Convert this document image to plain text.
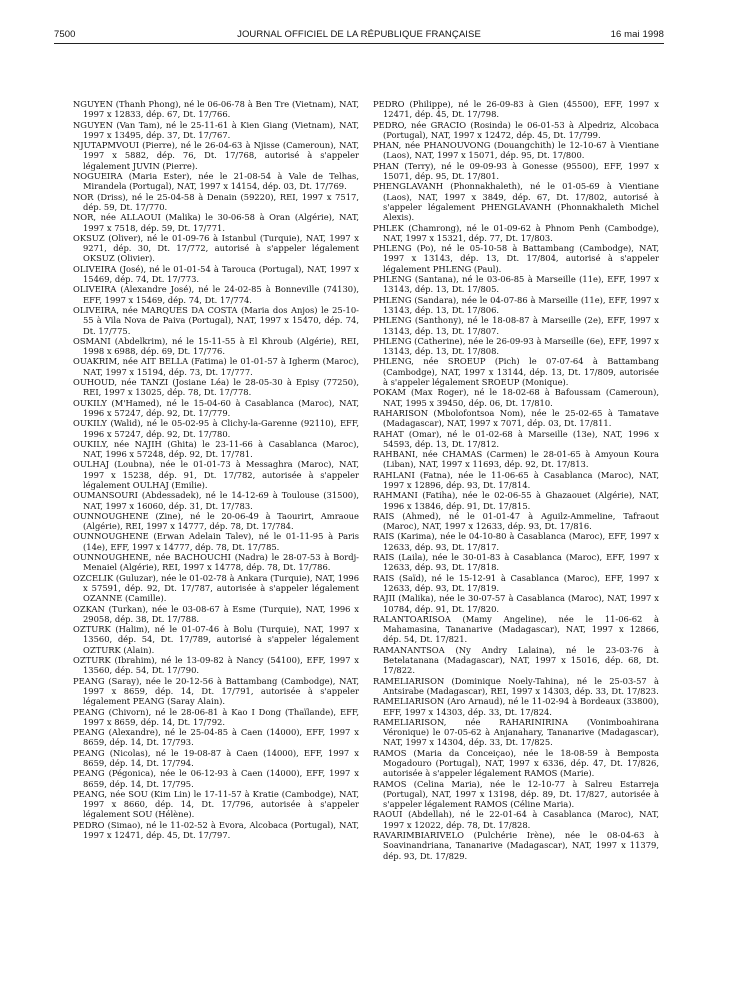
7500	JOURNAL OFFICIEL DE LA RÉPUBLIQUE FRANÇAISE	16 mai 1998

NGUYEN (Thanh Phong), né le 06-06-78 à Ben Tre (Vietnam), NAT, 1997 x 12833, dép. 67, Dt. 17/766.

NGUYEN (Van Tam), né le 25-11-61 à Kien Giang (Vietnam), NAT, 1997 x 13495, dép. 37, Dt. 17/767.

NJUTAPMVOUI (Pierre), né le 26-04-63 à Njisse (Cameroun), NAT, 1997 x 5882, dép. 76, Dt. 17/768, autorisé à s'appeler légalement JUVIN (Pierre).

NOGUEIRA (Maria Ester), née le 21-08-54 à Vale de Telhas, Mirandela (Portugal), NAT, 1997 x 14154, dép. 03, Dt. 17/769.

NOR (Driss), né le 25-04-58 à Denain (59220), REI, 1997 x 7517, dép. 59, Dt. 17/770.

NOR, née ALLAOUI (Malika) le 30-06-58 à Oran (Algérie), NAT, 1997 x 7518, dép. 59, Dt. 17/771.

OKSUZ (Oliver), né le 01-09-76 à Istanbul (Turquie), NAT, 1997 x 9271, dép. 30, Dt. 17/772, autorisé à s'appeler légalement OKSUZ (Olivier).

OLIVEIRA (José), né le 01-01-54 à Tarouca (Portugal), NAT, 1997 x 15469, dép. 74, Dt. 17/773.

OLIVEIRA (Alexandre José), né le 24-02-85 à Bonneville (74130), EFF, 1997 x 15469, dép. 74, Dt. 17/774.

OLIVEIRA, née MARQUES DA COSTA (Maria dos Anjos) le 25-10-55 à Vila Nova de Paiva (Portugal), NAT, 1997 x 15470, dép. 74, Dt. 17/775.

OSMANI (Abdelkrim), né le 15-11-55 à El Khroub (Algérie), REI, 1998 x 6988, dép. 69, Dt. 17/776.

OUAKRIM, née AIT BELLA (Fatima) le 01-01-57 à Igherm (Maroc), NAT, 1997 x 15194, dép. 73, Dt. 17/777.

OUHOUD, née TANZI (Josiane Léa) le 28-05-30 à Episy (77250), REI, 1997 x 13025, dép. 78, Dt. 17/778.

OUKILY (M'Hamed), né le 15-04-60 à Casablanca (Maroc), NAT, 1996 x 57247, dép. 92, Dt. 17/779.

OUKILY (Walid), né le 05-02-95 à Clichy-la-Garenne (92110), EFF, 1996 x 57247, dép. 92, Dt. 17/780.

OUKILY, née NAJIH (Ghita) le 23-11-66 à Casablanca (Maroc), NAT, 1996 x 57248, dép. 92, Dt. 17/781.

OULHAJ (Loubna), née le 01-01-73 à Messaghra (Maroc), NAT, 1997 x 15238, dép. 91, Dt. 17/782, autorisée à s'appeler légalement OULHAJ (Emilie).

OUMANSOURI (Abdessadek), né le 14-12-69 à Toulouse (31500), NAT, 1997 x 16060, dép. 31, Dt. 17/783.

OUNNOUGHENE (Zine), né le 20-06-49 à Taourirt, Amraoue (Algérie), REI, 1997 x 14777, dép. 78, Dt. 17/784.

OUNNOUGHENE (Erwan Adelain Talev), né le 01-11-95 à Paris (14e), EFF, 1997 x 14777, dép. 78, Dt. 17/785.

OUNNOUGHENE, née BACHOUCHI (Nadra) le 28-07-53 à Bordj-Menaiel (Algérie), REI, 1997 x 14778, dép. 78, Dt. 17/786.

OZCELIK (Guluzar), née le 01-02-78 à Ankara (Turquie), NAT, 1996 x 57591, dép. 92, Dt. 17/787, autorisée à s'appeler légalement OZANNE (Camille).

OZKAN (Turkan), née le 03-08-67 à Esme (Turquie), NAT, 1996 x 29058, dép. 38, Dt. 17/788.

OZTURK (Halim), né le 01-07-46 à Bolu (Turquie), NAT, 1997 x 13560, dép. 54, Dt. 17/789, autorisé à s'appeler légalement OZTURK (Alain).

OZTURK (Ibrahim), né le 13-09-82 à Nancy (54100), EFF, 1997 x 13560, dép. 54, Dt. 17/790.

PEANG (Saray), née le 20-12-56 à Battambang (Cambodge), NAT, 1997 x 8659, dép. 14, Dt. 17/791, autorisée à s'appeler légalement PEANG (Saray Alain).

PEANG (Chivorn), né le 28-06-81 à Kao I Dong (Thaïlande), EFF, 1997 x 8659, dép. 14, Dt. 17/792.

PEANG (Alexandre), né le 25-04-85 à Caen (14000), EFF, 1997 x 8659, dép. 14, Dt. 17/793.

PEANG (Nicolas), né le 19-08-87 à Caen (14000), EFF, 1997 x 8659, dép. 14, Dt. 17/794.

PEANG (Pégonica), née le 06-12-93 à Caen (14000), EFF, 1997 x 8659, dép. 14, Dt. 17/795.

PEANG, née SOU (Kim Lin) le 17-11-57 à Kratie (Cambodge), NAT, 1997 x 8660, dép. 14, Dt. 17/796, autorisée à s'appeler légalement SOU (Hélène).

PEDRO (Simao), né le 11-02-52 à Evora, Alcobaca (Portugal), NAT, 1997 x 12471, dép. 45, Dt. 17/797.

PEDRO (Philippe), né le 26-09-83 à Gien (45500), EFF, 1997 x 12471, dép. 45, Dt. 17/798.

PEDRO, née GRACIO (Rosinda) le 06-01-53 à Alpedriz, Alcobaca (Portugal), NAT, 1997 x 12472, dép. 45, Dt. 17/799.

PHAN, née PHANOUVONG (Douangchith) le 12-10-67 à Vientiane (Laos), NAT, 1997 x 15071, dép. 95, Dt. 17/800.

PHAN (Terry), né le 09-09-93 à Gonesse (95500), EFF, 1997 x 15071, dép. 95, Dt. 17/801.

PHENGLAVANH (Phonnakhaleth), né le 01-05-69 à Vientiane (Laos), NAT, 1997 x 3849, dép. 67, Dt. 17/802, autorisé à s'appeler légalement PHENGLAVANH (Phonnakhaleth Michel Alexis).

PHLEK (Chamrong), né le 01-09-62 à Phnom Penh (Cambodge), NAT, 1997 x 15321, dép. 77, Dt. 17/803.

PHLENG (Po), né le 05-10-58 à Battambang (Cambodge), NAT, 1997 x 13143, dép. 13, Dt. 17/804, autorisé à s'appeler légalement PHLENG (Paul).

PHLENG (Santana), né le 03-06-85 à Marseille (11e), EFF, 1997 x 13143, dép. 13, Dt. 17/805.

PHLENG (Sandara), née le 04-07-86 à Marseille (11e), EFF, 1997 x 13143, dép. 13, Dt. 17/806.

PHLENG (Santhony), né le 18-08-87 à Marseille (2e), EFF, 1997 x 13143, dép. 13, Dt. 17/807.

PHLENG (Catherine), née le 26-09-93 à Marseille (6e), EFF, 1997 x 13143, dép. 13, Dt. 17/808.

PHLENG, née SROEUP (Pich) le 07-07-64 à Battambang (Cambodge), NAT, 1997 x 13144, dép. 13, Dt. 17/809, autorisée à s'appeler légalement SROEUP (Monique).

POKAM (Max Roger), né le 18-02-68 à Bafoussam (Cameroun), NAT, 1995 x 39450, dép. 06, Dt. 17/810.

RAHARISON (Mbolofontsoa Nom), née le 25-02-65 à Tamatave (Madagascar), NAT, 1997 x 7071, dép. 03, Dt. 17/811.

RAHAT (Omar), né le 01-02-68 à Marseille (13e), NAT, 1996 x 54593, dép. 13, Dt. 17/812.

RAHBANI, née CHAMAS (Carmen) le 28-01-65 à Amyoun Koura (Liban), NAT, 1997 x 11693, dép. 92, Dt. 17/813.

RAHLANI (Fatna), née le 11-06-65 à Casablanca (Maroc), NAT, 1997 x 12896, dép. 93, Dt. 17/814.

RAHMANI (Fatiha), née le 02-06-55 à Ghazaouet (Algérie), NAT, 1996 x 13846, dép. 91, Dt. 17/815.

RAIS (Ahmed), né le 01-01-47 à Aguilz-Ammeline, Tafraout (Maroc), NAT, 1997 x 12633, dép. 93, Dt. 17/816.

RAIS (Karima), née le 04-10-80 à Casablanca (Maroc), EFF, 1997 x 12633, dép. 93, Dt. 17/817.

RAIS (Laila), née le 30-01-83 à Casablanca (Maroc), EFF, 1997 x 12633, dép. 93, Dt. 17/818.

RAIS (Saïd), né le 15-12-91 à Casablanca (Maroc), EFF, 1997 x 12633, dép. 93, Dt. 17/819.

RAJII (Malika), née le 30-07-57 à Casablanca (Maroc), NAT, 1997 x 10784, dép. 91, Dt. 17/820.

RALANTOARISOA (Mamy Angeline), née le 11-06-62 à Mahamasina, Tananarive (Madagascar), NAT, 1997 x 12866, dép. 54, Dt. 17/821.

RAMANANTSOA (Ny Andry Lalaina), né le 23-03-76 à Betelatanana (Madagascar), NAT, 1997 x 15016, dép. 68, Dt. 17/822.

RAMELIARISON (Dominique Noely-Tahina), né le 25-03-57 à Antsirabe (Madagascar), REI, 1997 x 14303, dép. 33, Dt. 17/823.

RAMELIARISON (Aro Arnaud), né le 11-02-94 à Bordeaux (33800), EFF, 1997 x 14303, dép. 33, Dt. 17/824.

RAMELIARISON, née RAHARINIRINA (Vonimboahirana Véronique) le 07-05-62 à Anjanahary, Tananarive (Madagascar), NAT, 1997 x 14304, dép. 33, Dt. 17/825.

RAMOS (Maria da Conceiçao), née le 18-08-59 à Bemposta Mogadouro (Portugal), NAT, 1997 x 6336, dép. 47, Dt. 17/826, autorisée à s'appeler légalement RAMOS (Marie).

RAMOS (Celina Maria), née le 12-10-77 à Salreu Estarreja (Portugal), NAT, 1997 x 13198, dép. 89, Dt. 17/827, autorisée à s'appeler légalement RAMOS (Céline Maria).

RAOUI (Abdellah), né le 22-01-64 à Casablanca (Maroc), NAT, 1997 x 12022, dép. 78, Dt. 17/828.

RAVARIMBIARIVELO (Pulchérie Irène), née le 08-04-63 à Soavinandriana, Tananarive (Madagascar), NAT, 1997 x 11379, dép. 93, Dt. 17/829.
